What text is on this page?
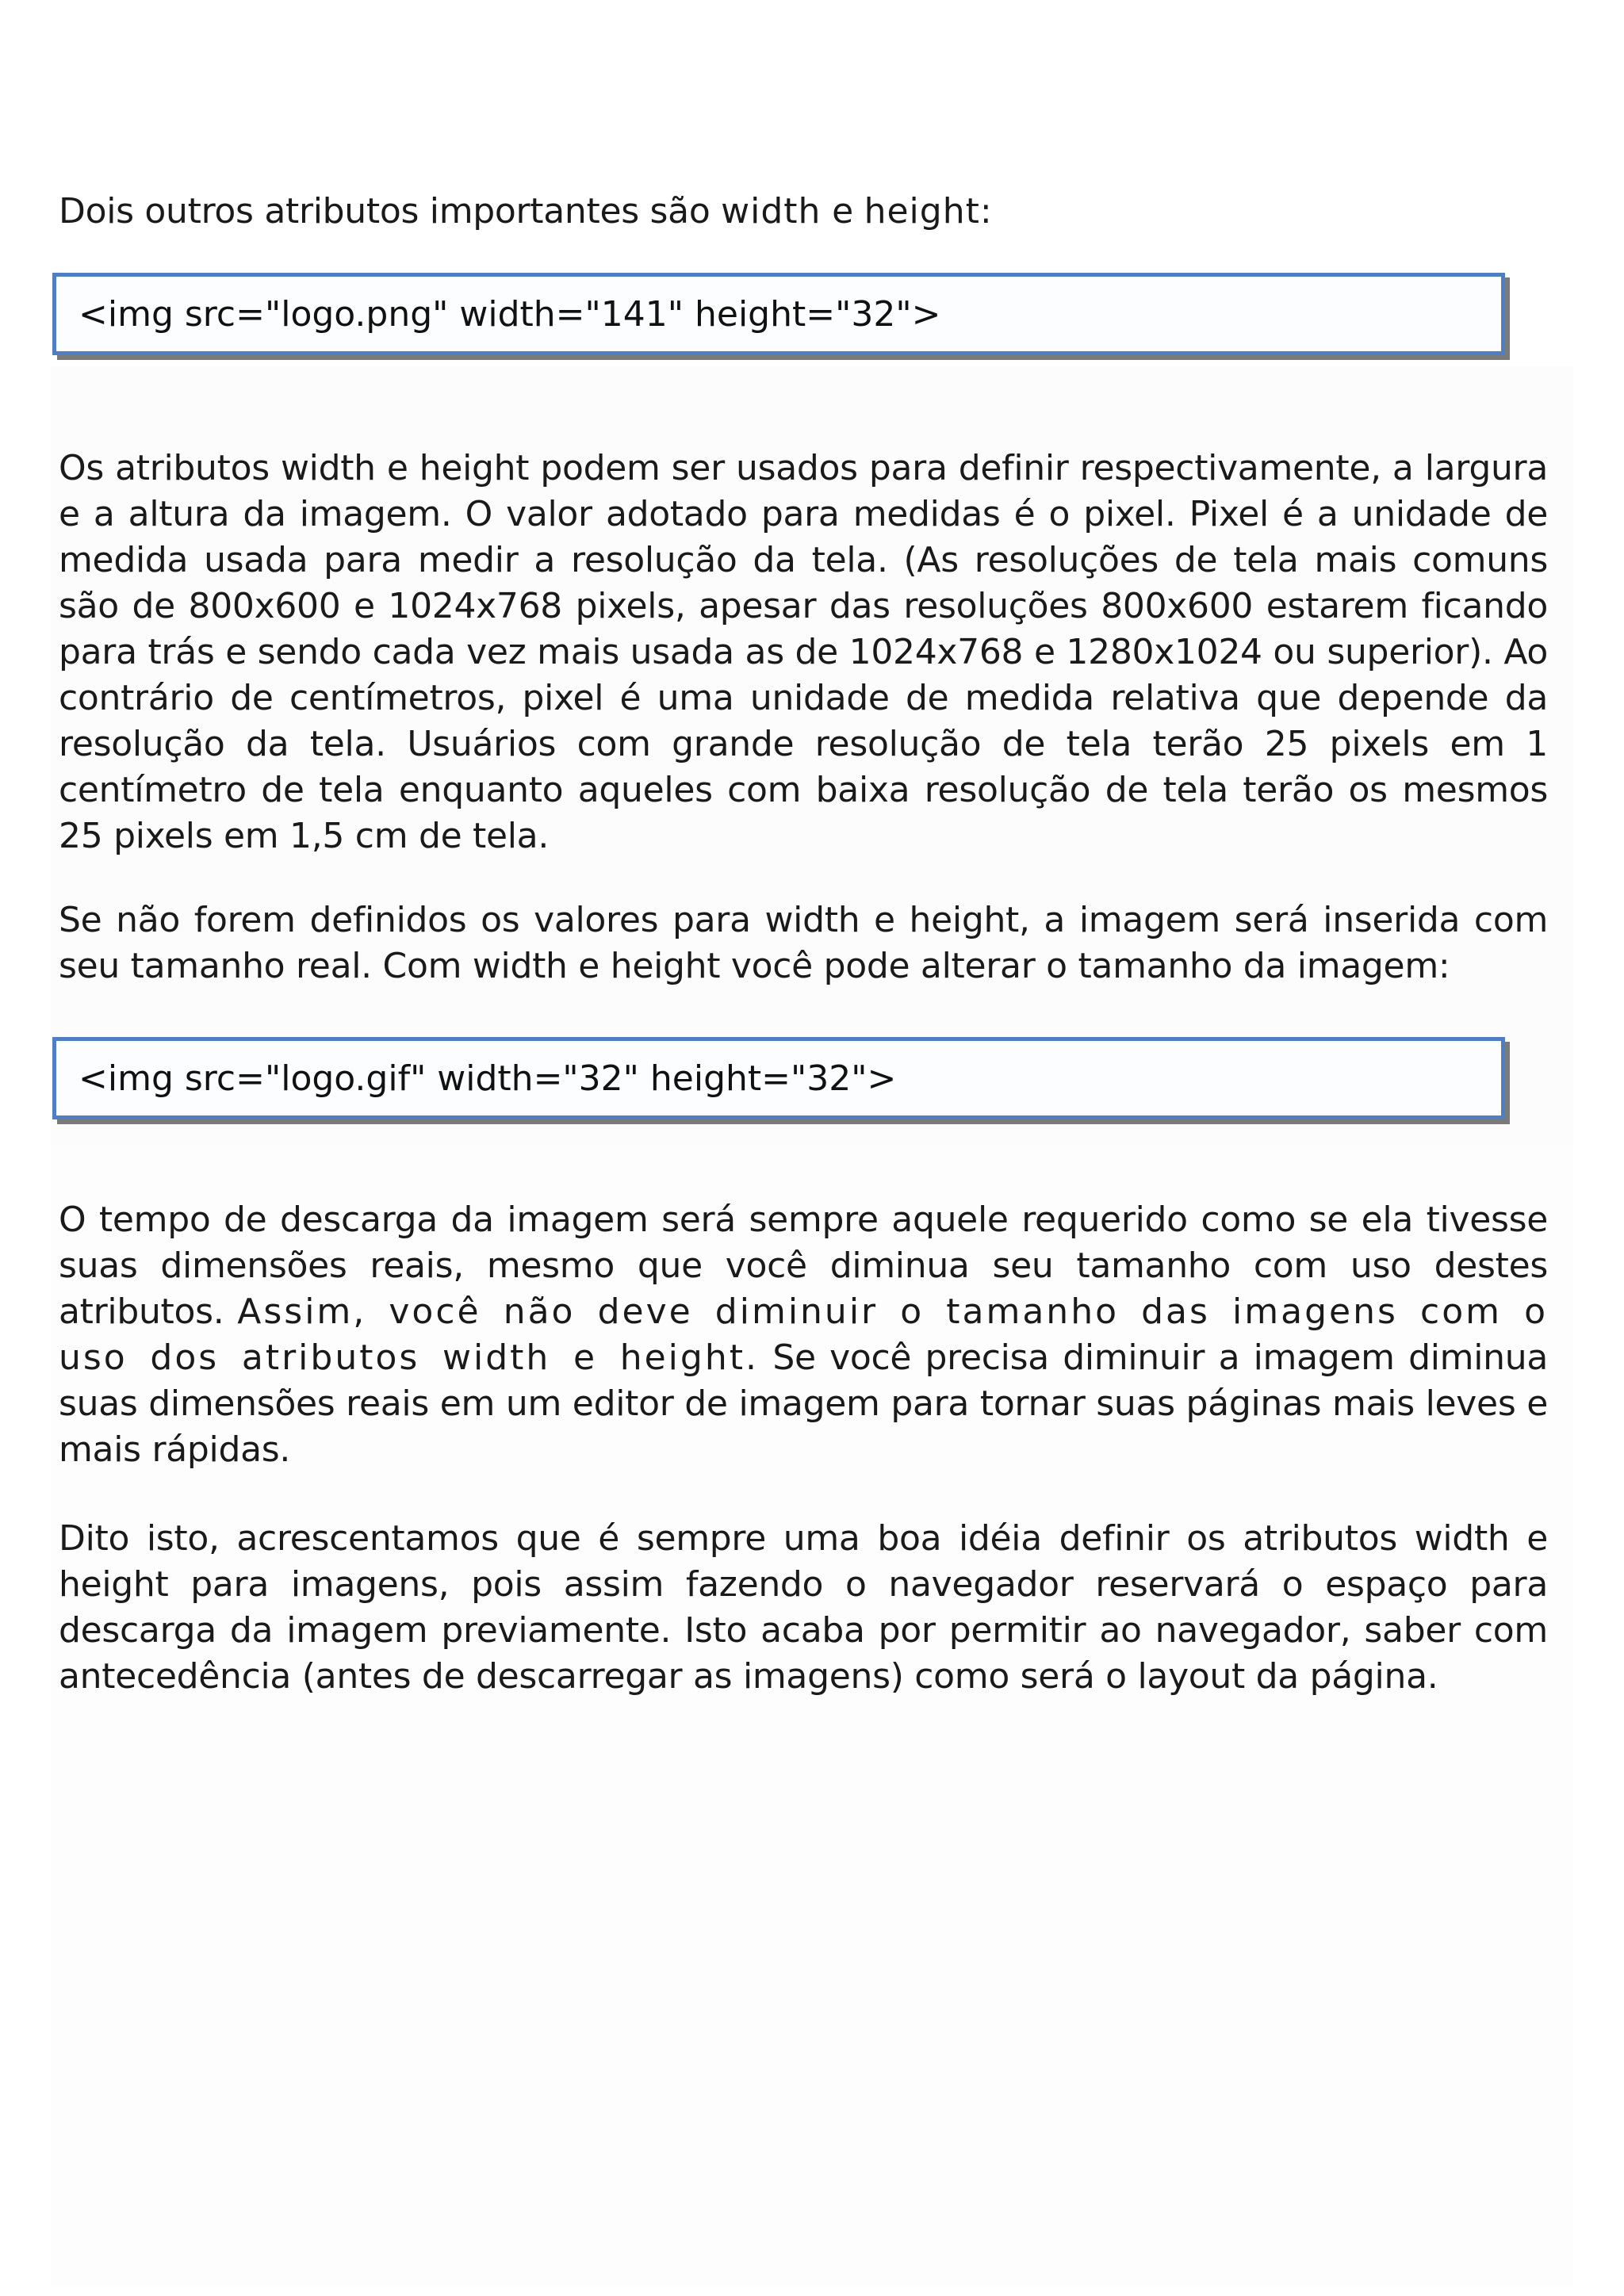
Dois outros atributos importantes são width e height:

<img src="logo.png" width="141" height="32">

Os atributos width e height podem ser usados para definir respectivamente, a largura e a altura da imagem. O valor adotado para medidas é o pixel. Pixel é a unidade de medida usada para medir a resolução da tela. (As resoluções de tela mais comuns são de 800x600 e 1024x768 pixels, apesar das resoluções 800x600 estarem ficando para trás e sendo cada vez mais usada as de 1024x768 e 1280x1024 ou superior). Ao contrário de centímetros, pixel é uma unidade de medida relativa que depende da resolução da tela. Usuários com grande resolução de tela terão 25 pixels em 1 centímetro de tela enquanto aqueles com baixa resolução de tela terão os mesmos 25 pixels em 1,5 cm de tela.

Se não forem definidos os valores para width e height, a imagem será inserida com seu tamanho real. Com width e height você pode alterar o tamanho da imagem:

<img src="logo.gif" width="32" height="32">

O tempo de descarga da imagem será sempre aquele requerido como se ela tivesse suas dimensões reais, mesmo que você diminua seu tamanho com uso destes atributos. Assim, você não deve diminuir o tamanho das imagens com o uso dos atributos width e height. Se você precisa diminuir a imagem diminua suas dimensões reais em um editor de imagem para tornar suas páginas mais leves e mais rápidas.

Dito isto, acrescentamos que é sempre uma boa idéia definir os atributos width e height para imagens, pois assim fazendo o navegador reservará o espaço para descarga da imagem previamente. Isto acaba por permitir ao navegador, saber com antecedência (antes de descarregar as imagens) como será o layout da página.
